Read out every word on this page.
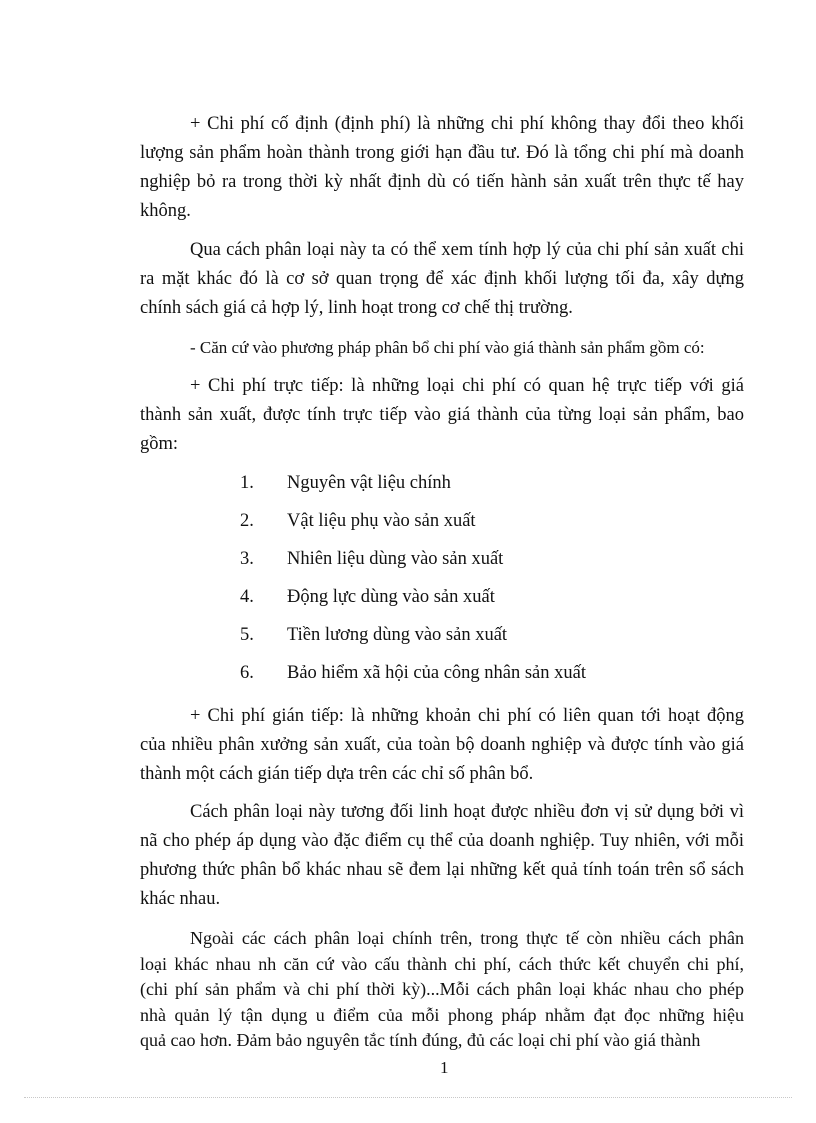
+ Chi phí cố định (định phí) là những chi phí không thay đổi theo khối
lượng sản phẩm hoàn thành trong giới hạn đầu tư. Đó là tổng chi phí mà doanh
nghiệp bỏ ra trong thời kỳ nhất định dù có tiến hành sản xuất trên thực tế hay
không.
Qua cách phân loại này ta có thể xem tính hợp lý của chi phí sản xuất chi
ra mặt khác đó là cơ sở quan trọng để xác định khối lượng tối đa, xây dựng
chính sách giá cả hợp lý, linh hoạt trong cơ chế thị trường.
- Căn cứ vào phương pháp phân bổ chi phí vào giá thành sản phẩm gồm có:
+ Chi phí trực tiếp: là những loại chi phí có quan hệ trực tiếp với giá
thành sản xuất, được tính trực tiếp vào giá thành của từng loại sản phẩm, bao
gồm:
1.	Nguyên vật liệu chính
2.	Vật liệu phụ vào sản xuất
3.	Nhiên liệu dùng vào sản xuất
4.	Động lực dùng vào sản xuất
5.	Tiền lương dùng vào sản xuất
6.	Bảo hiểm xã hội của công nhân sản xuất
+ Chi phí gián tiếp: là những khoản chi phí có liên quan tới hoạt động
của nhiều phân xưởng sản xuất, của toàn bộ doanh nghiệp và được tính vào giá
thành một cách gián tiếp dựa trên các chỉ số phân bổ.
Cách phân loại này tương đối linh hoạt được nhiều đơn vị sử dụng bởi vì
nã cho phép áp dụng vào đặc điểm cụ thể của doanh nghiệp. Tuy nhiên, với mỗi
phương thức phân bổ khác nhau sẽ đem lại những kết quả tính toán trên sổ sách
khác nhau.
Ngoài các cách phân loại chính trên, trong thực tế còn nhiều cách phân
loại khác nhau nh căn cứ vào cấu thành chi phí, cách thức kết chuyển chi phí,
(chi phí sản phẩm và chi phí thời kỳ)...Mỗi cách phân loại khác nhau cho phép
nhà quản lý tận dụng u điểm của mỗi phong pháp nhằm đạt đọc những hiệu
quả cao hơn. Đảm bảo nguyên tắc tính đúng, đủ các loại chi phí vào giá thành
1
